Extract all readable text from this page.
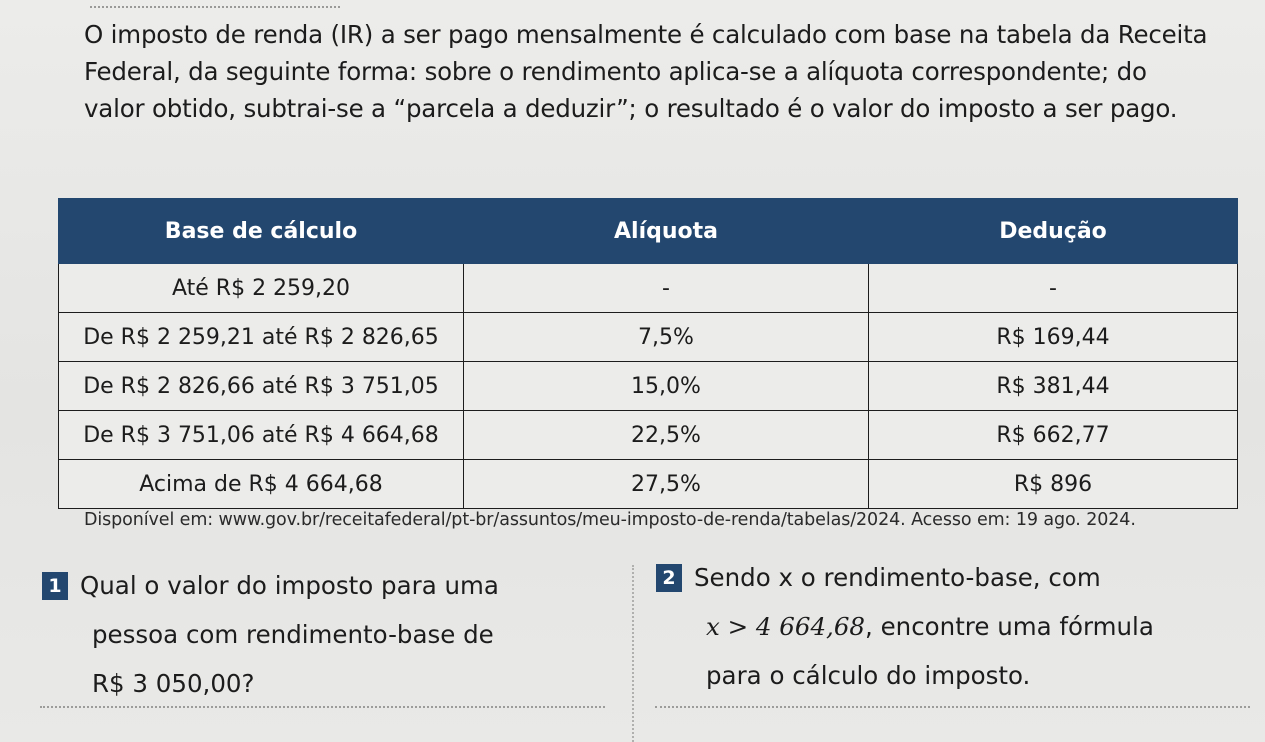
O imposto de renda (IR) a ser pago mensalmente é calculado com base na tabela da Receita Federal, da seguinte forma: sobre o rendimento aplica-se a alíquota correspondente; do valor obtido, subtrai-se a “parcela a deduzir”; o resultado é o valor do imposto a ser pago.

Base de cálculo	Alíquota	Dedução
Até R$ 2 259,20	-	-
De R$ 2 259,21 até R$ 2 826,65	7,5%	R$ 169,44
De R$ 2 826,66 até R$ 3 751,05	15,0%	R$ 381,44
De R$ 3 751,06 até R$ 4 664,68	22,5%	R$ 662,77
Acima de R$ 4 664,68	27,5%	R$ 896

Disponível em: www.gov.br/receitafederal/pt-br/assuntos/meu-imposto-de-renda/tabelas/2024. Acesso em: 19 ago. 2024.

1 Qual o valor do imposto para uma
pessoa com rendimento-base de
R$ 3 050,00?
2 Sendo x o rendimento-base, com
x > 4 664,68, encontre uma fórmula
para o cálculo do imposto.
